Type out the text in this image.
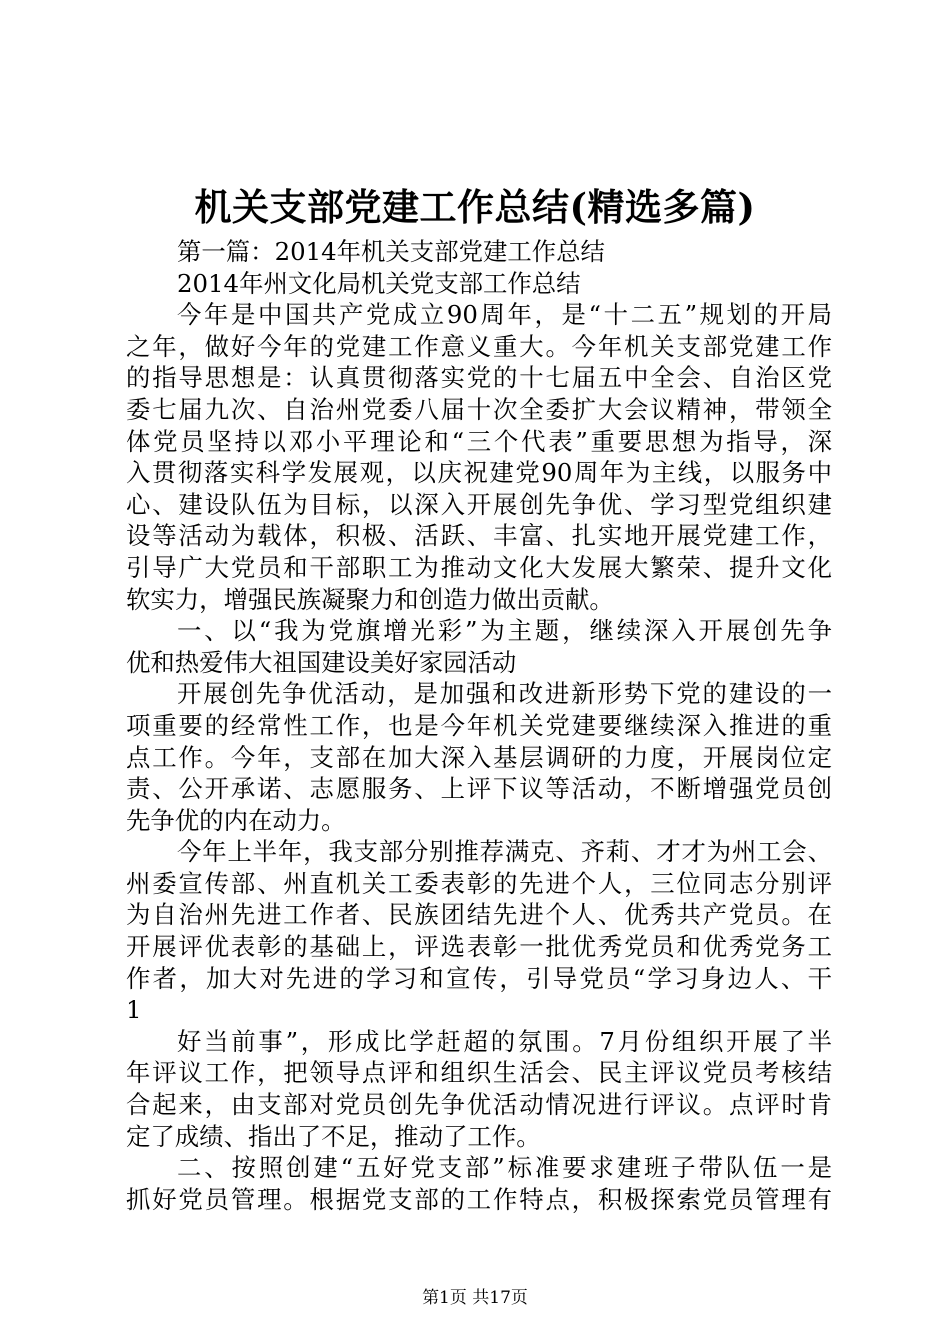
机关支部党建工作总结(精选多篇)
第一篇：2014年机关支部党建工作总结
2014年州文化局机关党支部工作总结
今年是中国共产党成立90周年，是“十二五”规划的开局
之年，做好今年的党建工作意义重大。今年机关支部党建工作
的指导思想是：认真贯彻落实党的十七届五中全会、自治区党
委七届九次、自治州党委八届十次全委扩大会议精神，带领全
体党员坚持以邓小平理论和“三个代表”重要思想为指导，深
入贯彻落实科学发展观，以庆祝建党90周年为主线，以服务中
心、建设队伍为目标，以深入开展创先争优、学习型党组织建
设等活动为载体，积极、活跃、丰富、扎实地开展党建工作，
引导广大党员和干部职工为推动文化大发展大繁荣、提升文化
软实力，增强民族凝聚力和创造力做出贡献。
一、以“我为党旗增光彩”为主题，继续深入开展创先争
优和热爱伟大祖国建设美好家园活动
开展创先争优活动，是加强和改进新形势下党的建设的一
项重要的经常性工作，也是今年机关党建要继续深入推进的重
点工作。今年，支部在加大深入基层调研的力度，开展岗位定
责、公开承诺、志愿服务、上评下议等活动，不断增强党员创
先争优的内在动力。
今年上半年，我支部分别推荐满克、齐莉、才才为州工会、
州委宣传部、州直机关工委表彰的先进个人，三位同志分别评
为自治州先进工作者、民族团结先进个人、优秀共产党员。在
开展评优表彰的基础上，评选表彰一批优秀党员和优秀党务工
作者，加大对先进的学习和宣传，引导党员“学习身边人、干
1
好当前事”，形成比学赶超的氛围。7月份组织开展了半
年评议工作，把领导点评和组织生活会、民主评议党员考核结
合起来，由支部对党员创先争优活动情况进行评议。点评时肯
定了成绩、指出了不足，推动了工作。
二、按照创建“五好党支部”标准要求建班子带队伍一是
抓好党员管理。根据党支部的工作特点，积极探索党员管理有
第1页 共17页
